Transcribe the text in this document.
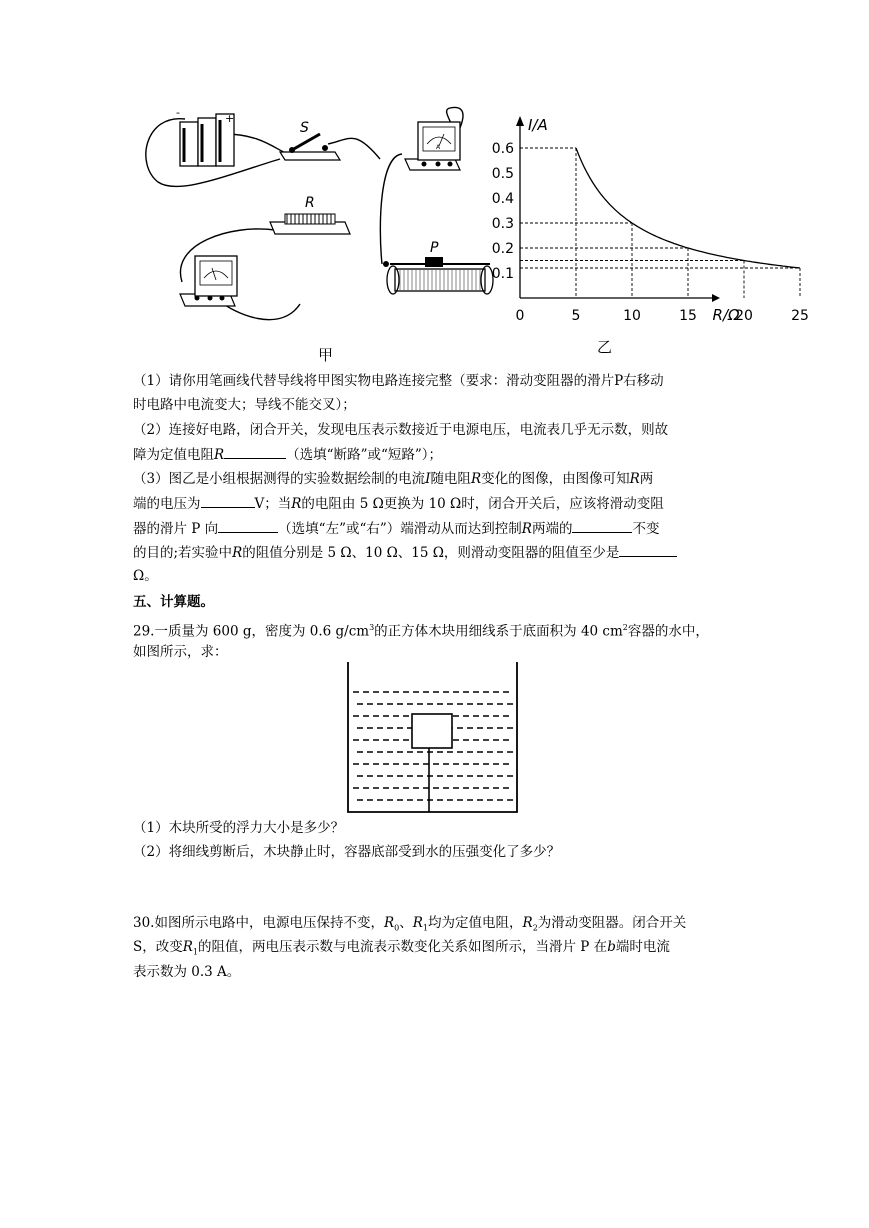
-	+
S
A
R
P
甲
0	5	10	15	20	25
0.1
0.2
0.3
0.4
0.5
0.6
R/Ω
I/A
乙
（1）请你用笔画线代替导线将甲图实物电路连接完整（要求：滑动变阻器的滑片P右移动
时电路中电流变大；导线不能交叉）；
（2）连接好电路，闭合开关，发现电压表示数接近于电源电压，电流表几乎无示数，则故
障为定值电阻R	（选填“断路”或“短路”）；
（3）图乙是小组根据测得的实验数据绘制的电流I随电阻R变化的图像，由图像可知R两
端的电压为	V；当R的电阻由 5 Ω更换为 10 Ω时，闭合开关后，应该将滑动变阻
器的滑片 P 向	（选填“左”或“右”）端滑动从而达到控制R两端的	不变
的目的;若实验中R的阻值分别是 5 Ω、10 Ω、15 Ω，则滑动变阻器的阻值至少是
Ω。
五、计算题。
29.一质量为 600 g，密度为 0.6 $g/cm^3$的正方体木块用细线系于底面积为 40 $cm^2$容器的水中，
如图所示，求：
（1）木块所受的浮力大小是多少？
（2）将细线剪断后，木块静止时，容器底部受到水的压强变化了多少？
30.如图所示电路中，电源电压保持不变，$R_0$、$R_1$均为定值电阻，$R_2$为滑动变阻器。闭合开关
S，改变$R_1$的阻值，两电压表示数与电流表示数变化关系如图所示，当滑片 P 在b端时电流
表示数为 0.3 A。
